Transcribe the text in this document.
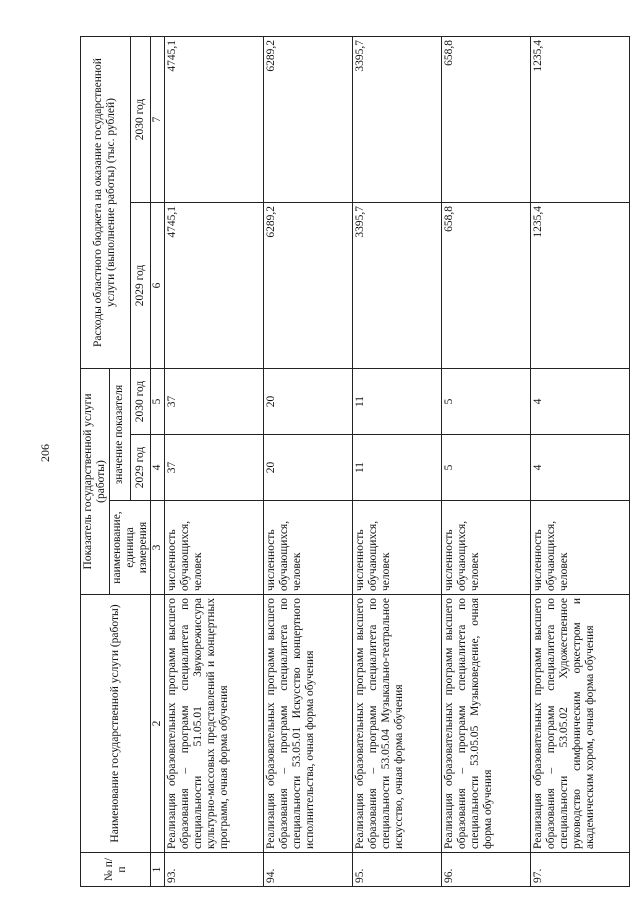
206
№ п/п	Наименование государственной услуги (работы)	Показатель государственной услуги (работы)			Расходы областного бюджета на оказание государственной услуги (выполнение работы) (тыс. рублей)	
		наименование, единица измерения	значение показателя			
			2029 год	2030 год	2029 год	2030 год
1	2	3	4	5	6	7
93.	Реализация образовательных программ высшего образования – программ специалитета по специальности 51.05.01 Звукорежиссура культурно-массовых представлений и концертных программ, очная форма обучения	численность обучающихся, человек	37	37	4745,1	4745,1
94.	Реализация образовательных программ высшего образования – программ специалитета по специальности 53.05.01 Искусство концертного исполнительства, очная форма обучения	численность обучающихся, человек	20	20	6289,2	6289,2
95.	Реализация образовательных программ высшего образования – программ специалитета по специальности 53.05.04 Музыкально-театральное искусство, очная форма обучения	численность обучающихся, человек	11	11	3395,7	3395,7
96.	Реализация образовательных программ высшего образования – программ специалитета по специальности 53.05.05 Музыковедение, очная форма обучения	численность обучающихся, человек	5	5	658,8	658,8
97.	Реализация образовательных программ высшего образования – программ специалитета по специальности 53.05.02 Художественное руководство симфоническим оркестром и академическим хором, очная форма обучения	численность обучающихся, человек	4	4	1235,4	1235,4
